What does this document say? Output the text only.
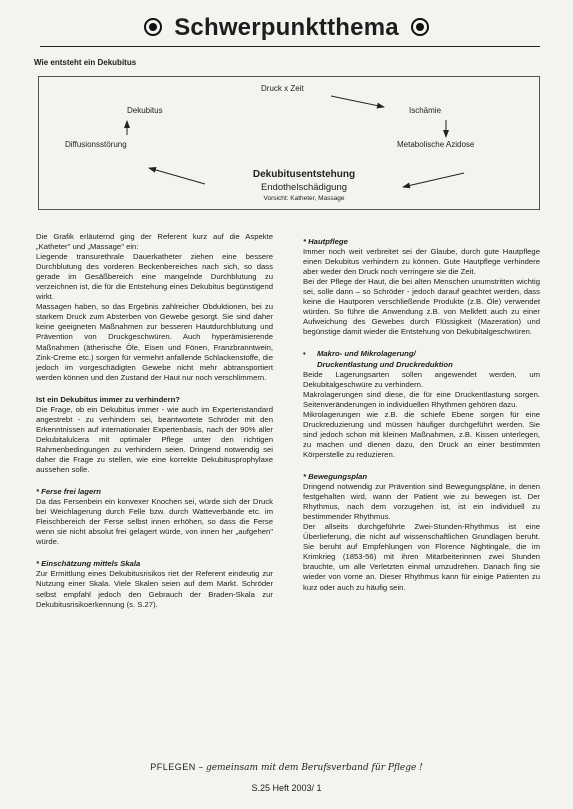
Schwerpunktthema
Wie entsteht ein Dekubitus
Druck x Zeit
Dekubitus
Diffusionsstörung
Ischämie
Metabolische Azidose
Dekubitusentstehung
Endothelschädigung
Vorsicht: Katheter, Massage

Die Grafik erläuternd ging der Referent kurz auf die Aspekte „Katheter" und „Massage" ein:

Liegende transurethrale Dauerkatheter ziehen eine bessere Durchblutung des vorderen Beckenbereiches nach sich, so dass gerade im Gesäßbereich eine mangelnde Durchblutung zu verzeichnen ist, die für die Entstehung eines Dekubitus begünstigend wirkt.

Massagen haben, so das Ergebnis zahlreicher Obduktionen, bei zu starkem Druck zum Absterben von Gewebe gesorgt. Sie sind daher keine geeigneten Maßnahmen zur besseren Hautdurchblutung und Prävention von Druckgeschwüren. Auch hyperämisierende Maßnahmen (ätherische Öle, Eisen und Fönen, Franzbranntwein, Zink-Creme etc.) sorgen für vermehrt anfallende Schlackenstoffe, die jedoch im vorgeschädigten Gewebe nicht mehr abtransportiert werden können und den Zustand der Haut nur noch verschlimmern.

Ist ein Dekubitus immer zu verhindern?

Die Frage, ob ein Dekubitus immer - wie auch im Expertenstandard angestrebt - zu verhindern sei, beantwortete Schröder mit den Erkenntnissen auf internationaler Expertenbasis, nach der 90% aller Dekubitalulcera mit optimaler Pflege unter den richtigen Rahmenbedingungen zu verhindern seien. Dringend notwendig sei daher die Frage zu stellen, wie eine korrekte Dekubitusprophylaxe aussehen solle.

* Ferse frei lagern

Da das Fersenbein ein konvexer Knochen sei, würde sich der Druck bei Weichlagerung durch Felle bzw. durch Watteverbände etc. im Fleischbereich der Ferse selbst innen erhöhen, so dass die Ferse wenn sie nicht absolut frei gelagert würde, von innen her „aufgehen" würde.

* Einschätzung mittels Skala

Zur Ermittlung eines Dekubitusrisikos riet der Referent eindeutig zur Nutzung einer Skala. Viele Skalen seien auf dem Markt. Schröder selbst empfahl jedoch den Gebrauch der Braden-Skala zur Dekubitusrisikoerkennung (s. S.27).

* Hautpflege

Immer noch weit verbreitet sei der Glaube, durch gute Hautpflege einen Dekubitus verhindern zu können. Gute Hautpflege verhindere aber weder den Druck noch verringere sie die Zeit.

Bei der Pflege der Haut, die bei alten Menschen unumstritten wichtig sei, solle dann – so Schröder - jedoch darauf geachtet werden, dass keine die Hautporen verschließende Produkte (z.B. Öle) verwendet würden. So führe die Anwendung z.B. von Melkfett auch zu einer Aufweichung des Gewebes durch Flüssigkeit (Mazeration) und begünstige damit wieder die Entstehung von Dekubitalgeschwüren.

•	Makro- und Mikrolagerung/

Druckentlastung und Druckreduktion

Beide Lagerungsarten sollen angewendet werden, um Dekubitalgeschwüre zu verhindern.

Makrolagerungen sind diese, die für eine Druckentlastung sorgen. Seitenveränderungen in individuellen Rhythmen gehören dazu.

Mikrolagerungen wie z.B. die schiefe Ebene sorgen für eine Druckreduzierung und müssen häufiger durchgeführt werden. Sie sind jedoch schon mit kleinen Maßnahmen, z.B. Kissen unterlegen, zu machen und dienen dazu, den Druck an einer bestimmten Körperstelle zu reduzieren.

* Bewegungsplan

Dringend notwendig zur Prävention sind Bewegungspläne, in denen festgehalten wird, wann der Patient wie zu bewegen ist. Der Rhythmus, nach dem vorzugehen ist, ist ein individuell zu bestimmender Rhythmus.

Der allseits durchgeführte Zwei-Stunden-Rhythmus ist eine Überlieferung, die nicht auf wissenschaftlichen Grundlagen beruht. Sie beruht auf Empfehlungen von Florence Nightingale, die im Krimkrieg (1853-56) mit ihren Mitarbeiterinnen zwei Stunden brauchte, um alle Verletzten einmal umzudrehen. Danach fing sie wieder von vorne an. Dieser Rhythmus kann für einige Patienten zu kurz oder auch zu häufig sein.

PFLEGEN – gemeinsam mit dem Berufsverband für Pflege !
S.25 Heft 2003/ 1
